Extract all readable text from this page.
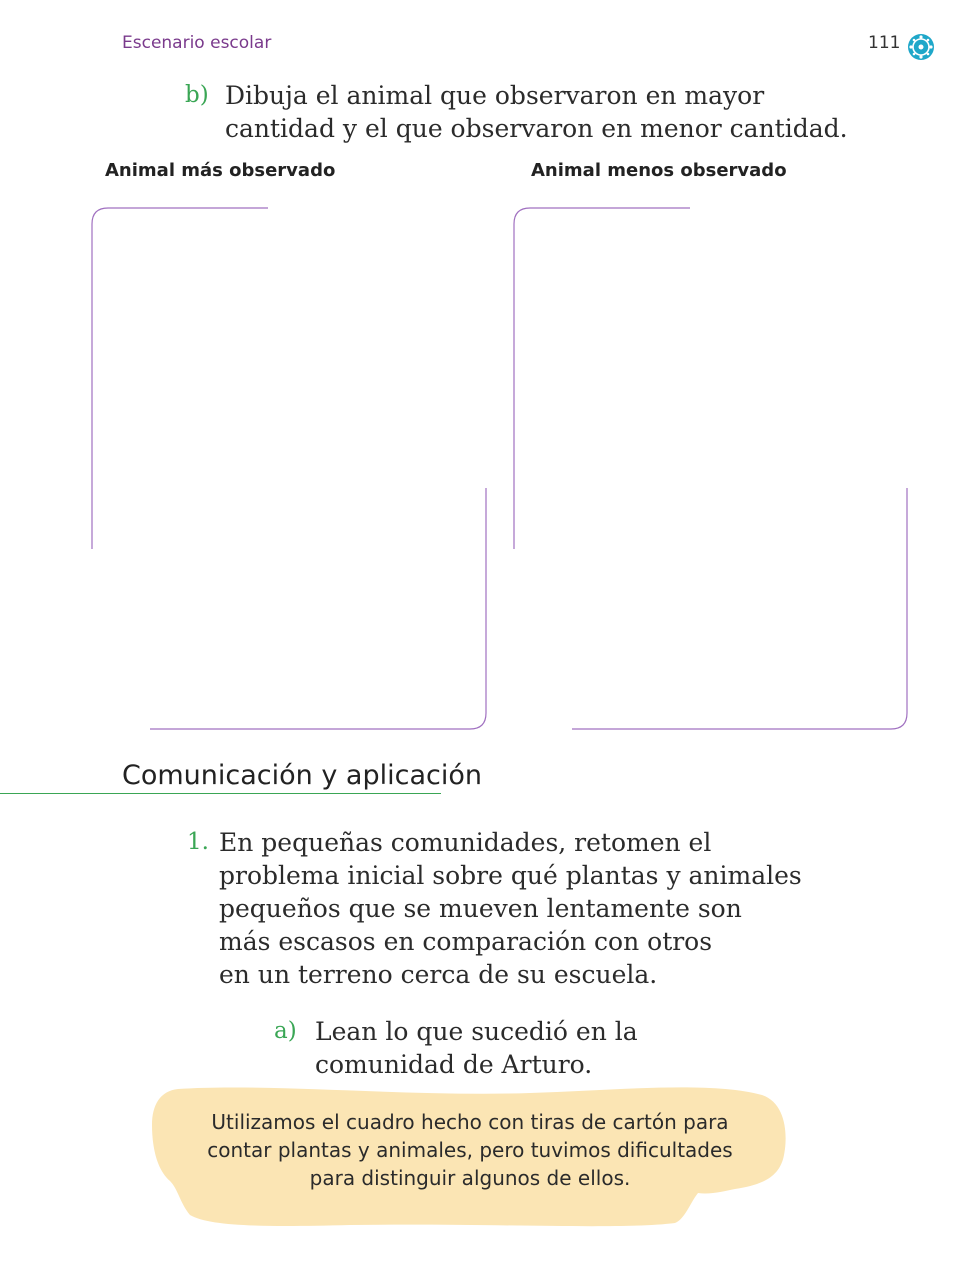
Escenario escolar	111
b) Dibuja el animal que observaron en mayor
cantidad y el que observaron en menor cantidad.
Animal más observado	Animal menos observado
Comunicación y aplicación
1. En pequeñas comunidades, retomen el
problema inicial sobre qué plantas y animales
pequeños que se mueven lentamente son
más escasos en comparación con otros
en un terreno cerca de su escuela.
a) Lean lo que sucedió en la
comunidad de Arturo.
Utilizamos el cuadro hecho con tiras de cartón para
contar plantas y animales, pero tuvimos dificultades
para distinguir algunos de ellos.
